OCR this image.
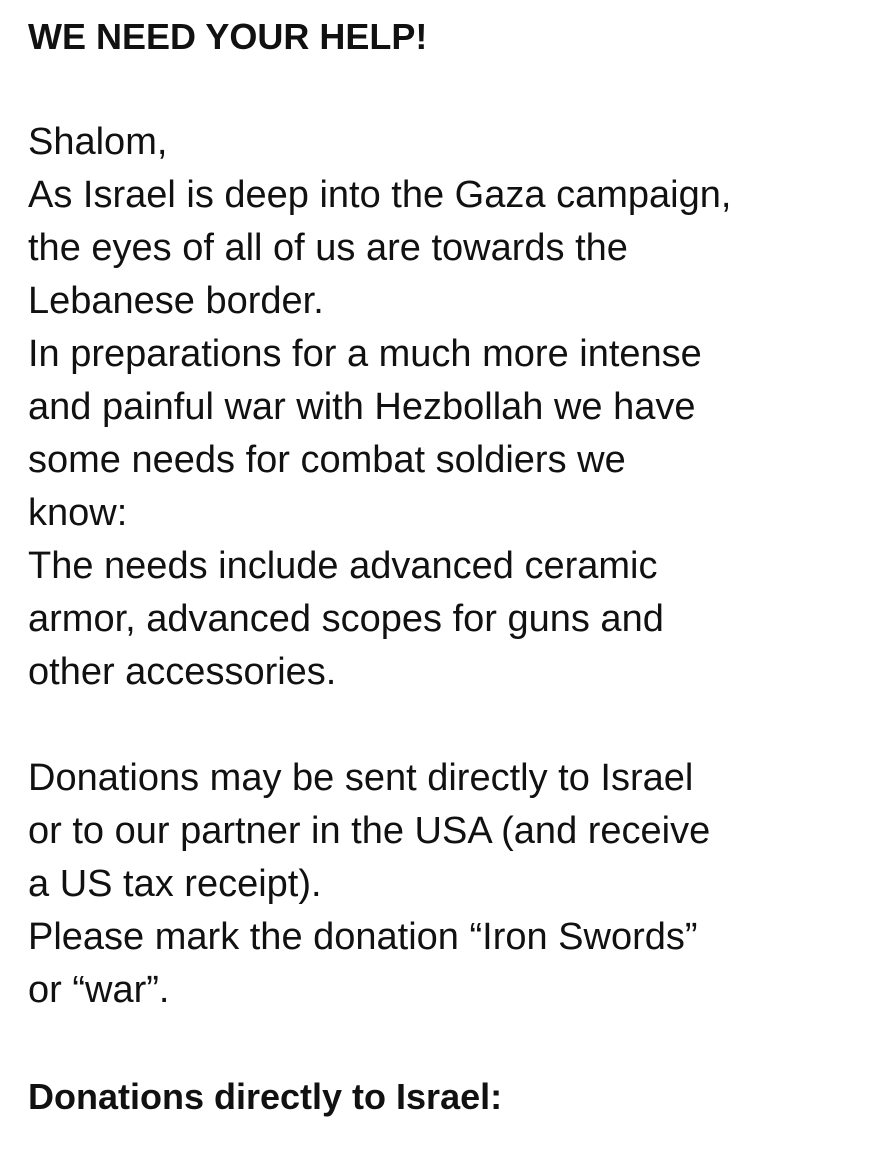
WE NEED YOUR HELP!
Shalom,
As Israel is deep into the Gaza campaign,
the eyes of all of us are towards the
Lebanese border.
In preparations for a much more intense
and painful war with Hezbollah we have
some needs for combat soldiers we
know:
The needs include advanced ceramic
armor, advanced scopes for guns and
other accessories.
Donations may be sent directly to Israel
or to our partner in the USA (and receive
a US tax receipt).
Please mark the donation “Iron Swords”
or “war”.
Donations directly to Israel:
